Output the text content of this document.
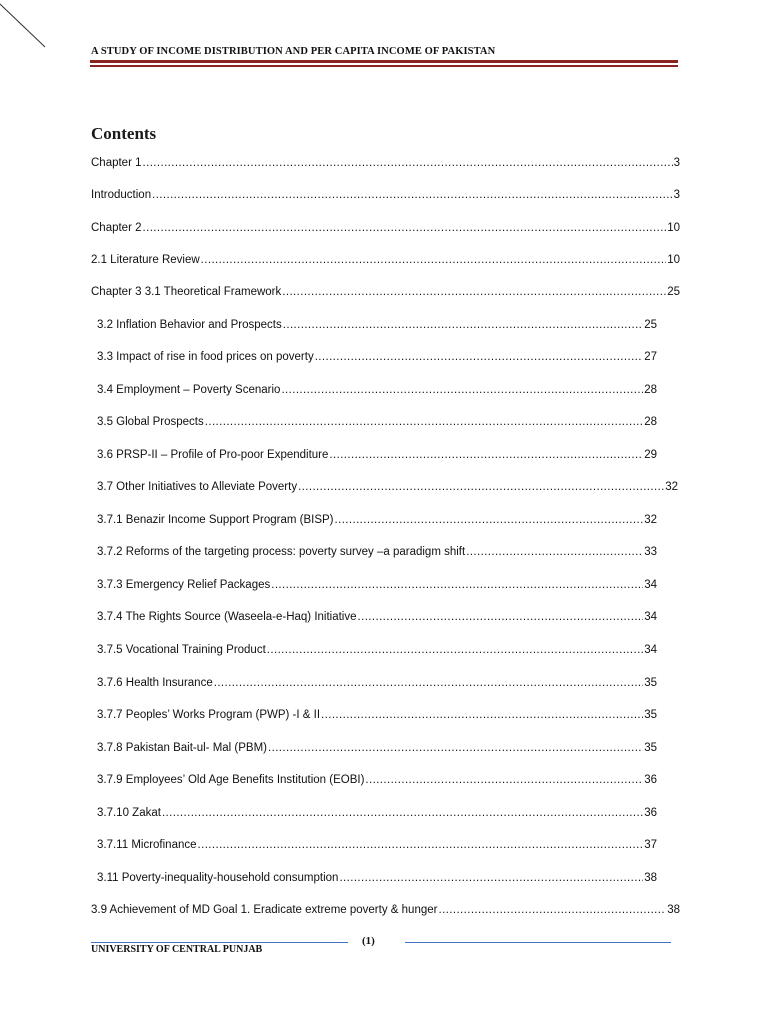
A STUDY OF INCOME DISTRIBUTION AND PER CAPITA INCOME OF PAKISTAN
Contents
Chapter 1 .....	3
Introduction .....	3
Chapter 2 .....	10
2.1 Literature Review .....	10
Chapter 3 3.1 Theoretical Framework .....	25
3.2 Inflation Behavior and Prospects .....	25
3.3 Impact of rise in food prices on poverty .....	27
3.4 Employment – Poverty Scenario .....	28
3.5 Global Prospects .....	28
3.6 PRSP-II – Profile of Pro-poor Expenditure .....	29
3.7 Other Initiatives to Alleviate Poverty .....	32
3.7.1 Benazir Income Support Program (BISP) .....	32
3.7.2 Reforms of the targeting process: poverty survey –a paradigm shift .....	33
3.7.3 Emergency Relief Packages .....	34
3.7.4 The Rights Source (Waseela-e-Haq) Initiative .....	34
3.7.5 Vocational Training Product .....	34
3.7.6 Health Insurance .....	35
3.7.7 Peoples’ Works Program (PWP) -I & II .....	35
3.7.8 Pakistan Bait-ul- Mal (PBM) .....	35
3.7.9 Employees’ Old Age Benefits Institution (EOBI) .....	36
3.7.10 Zakat .....	36
3.7.11 Microfinance .....	37
3.11 Poverty-inequality-household consumption .....	38
3.9 Achievement of MD Goal 1. Eradicate extreme poverty & hunger .....	38
(1)
UNIVERSITY OF CENTRAL PUNJAB
